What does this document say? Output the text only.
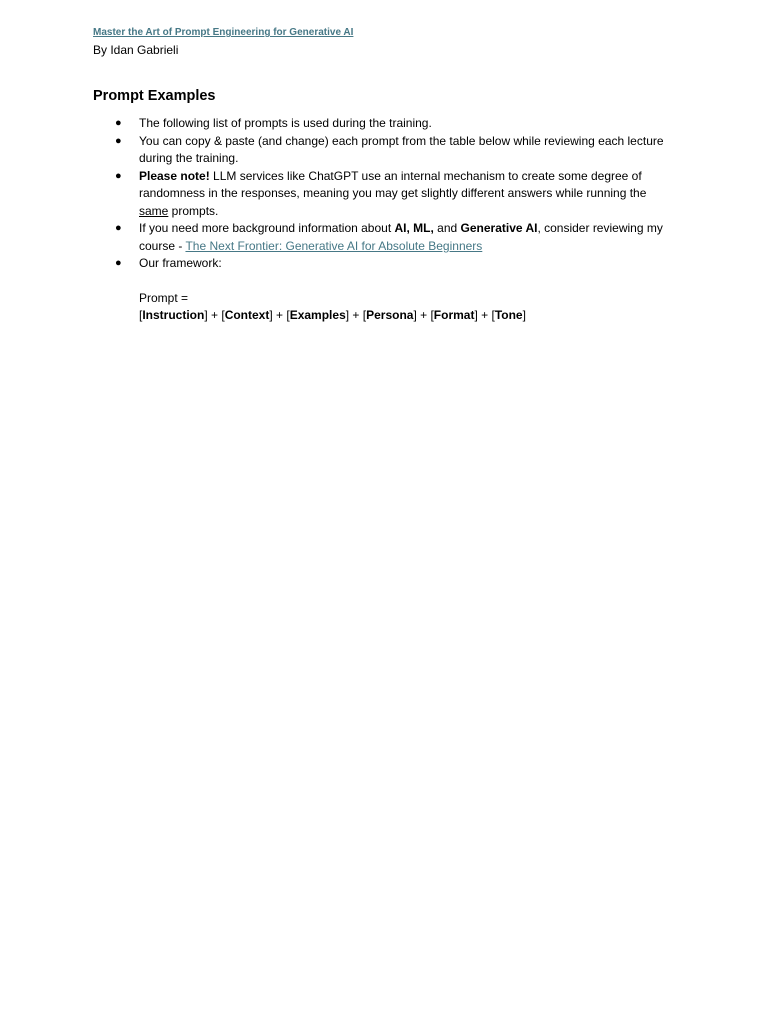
Master the Art of Prompt Engineering for Generative AI
By Idan Gabrieli
Prompt Examples
● The following list of prompts is used during the training.
● You can copy & paste (and change) each prompt from the table below while reviewing each lecture during the training.
● Please note! LLM services like ChatGPT use an internal mechanism to create some degree of randomness in the responses, meaning you may get slightly different answers while running the same prompts.
● If you need more background information about AI, ML, and Generative AI, consider reviewing my course - The Next Frontier: Generative AI for Absolute Beginners
● Our framework:
Prompt =
[Instruction] + [Context] + [Examples] + [Persona] + [Format] + [Tone]
